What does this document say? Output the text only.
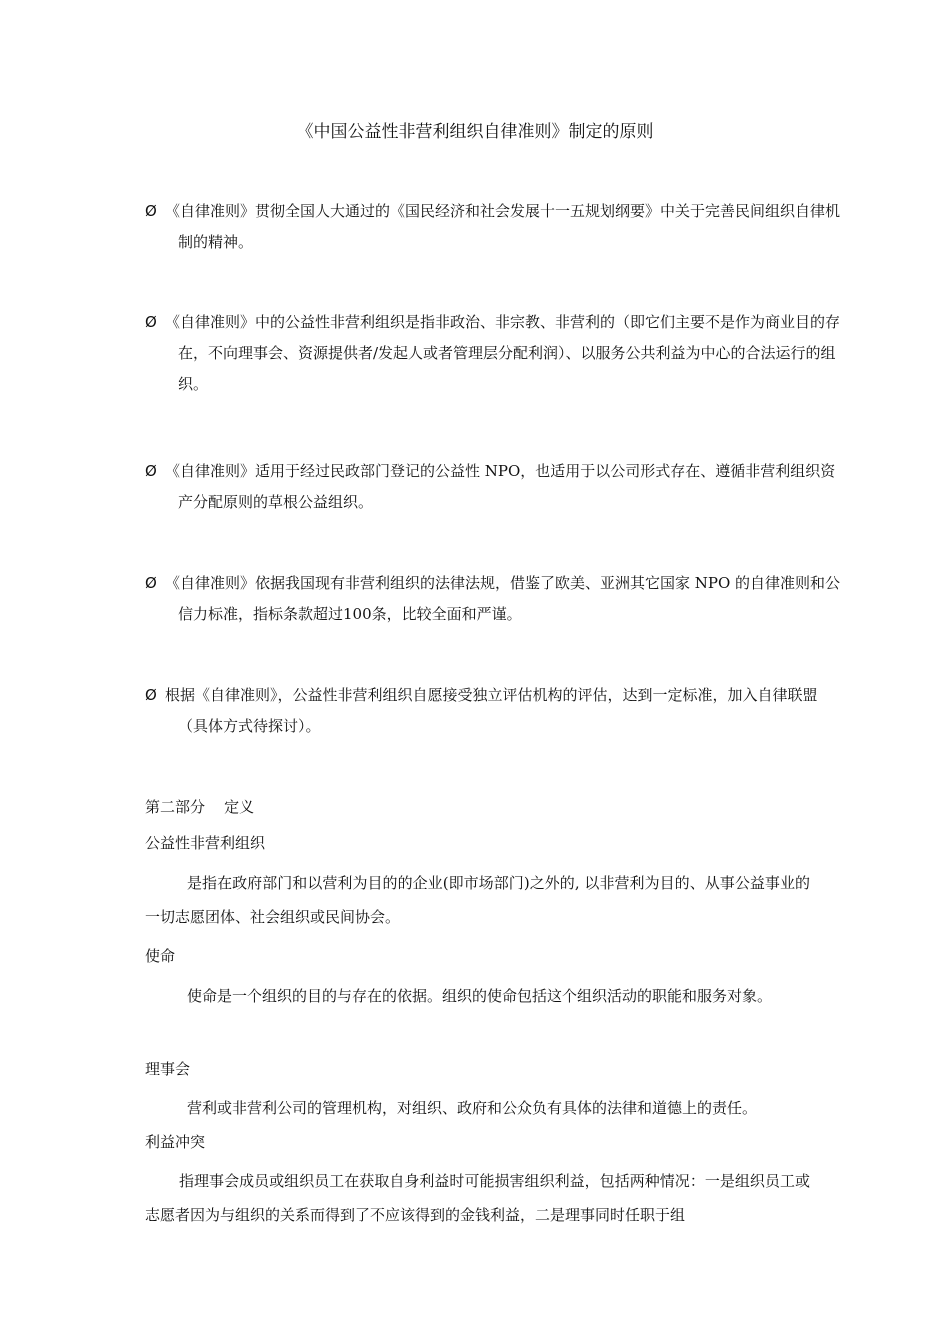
《中国公益性非营利组织自律准则》制定的原则
Ø 《自律准则》贯彻全国人大通过的《国民经济和社会发展十一五规划纲要》中关于完善民间组织自律机制的精神。
Ø 《自律准则》中的公益性非营利组织是指非政治、非宗教、非营利的（即它们主要不是作为商业目的存在，不向理事会、资源提供者/发起人或者管理层分配利润）、以服务公共利益为中心的合法运行的组织。
Ø 《自律准则》适用于经过民政部门登记的公益性 NPO，也适用于以公司形式存在、遵循非营利组织资产分配原则的草根公益组织。
Ø 《自律准则》依据我国现有非营利组织的法律法规，借鉴了欧美、亚洲其它国家 NPO 的自律准则和公信力标准，指标条款超过100条，比较全面和严谨。
Ø 根据《自律准则》，公益性非营利组织自愿接受独立评估机构的评估，达到一定标准，加入自律联盟（具体方式待探讨）。
第二部分    定义
公益性非营利组织
是指在政府部门和以营利为目的的企业(即市场部门)之外的, 以非营利为目的、从事公益事业的一切志愿团体、社会组织或民间协会。
使命
使命是一个组织的目的与存在的依据。组织的使命包括这个组织活动的职能和服务对象。
理事会
营利或非营利公司的管理机构，对组织、政府和公众负有具体的法律和道德上的责任。
利益冲突
指理事会成员或组织员工在获取自身利益时可能损害组织利益，包括两种情况：一是组织员工或志愿者因为与组织的关系而得到了不应该得到的金钱利益，二是理事同时任职于组
